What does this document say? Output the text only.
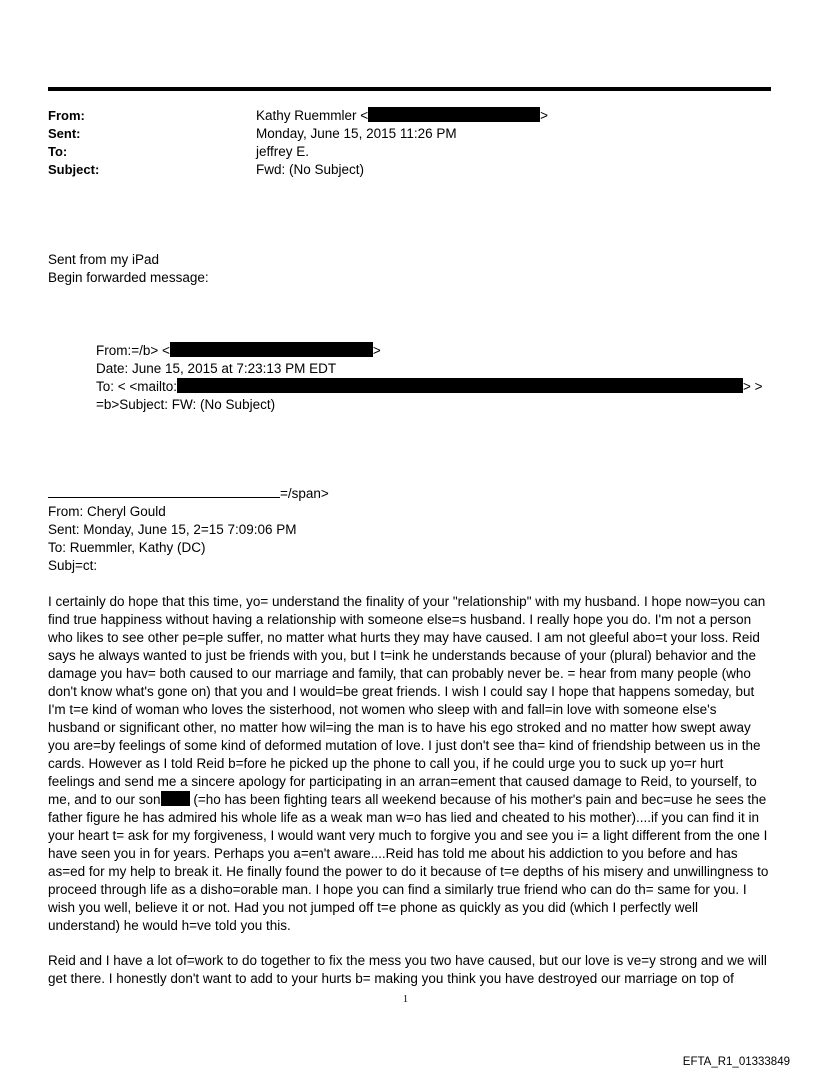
From:	Kathy Ruemmler <	>
Sent:	Monday, June 15, 2015 11:26 PM
To:	jeffrey E.
Subject:	Fwd: (No Subject)
Sent from my iPad
Begin forwarded message:
From:=/b> <	>
Date: June 15, 2015 at 7:23:13 PM EDT
To: < <mailto:	> >
=b>Subject: FW: (No Subject)
=/span>
From: Cheryl Gould
Sent: Monday, June 15, 2=15 7:09:06 PM
To: Ruemmler, Kathy (DC)
Subj=ct:
I certainly do hope that this time, yo= understand the finality of your "relationship" with my husband. I hope now=you can find true happiness without having a relationship with someone else=s husband. I really hope you do. I'm not a person who likes to see other pe=ple suffer, no matter what hurts they may have caused. I am not gleeful abo=t your loss. Reid says he always wanted to just be friends with you, but I t=ink he understands because of your (plural) behavior and the damage you hav= both caused to our marriage and family, that can probably never be. = hear from many people (who don't know what's gone on) that you and I would=be great friends. I wish I could say I hope that happens someday, but I'm t=e kind of woman who loves the sisterhood, not women who sleep with and fall=in love with someone else's husband or significant other, no matter how wil=ing the man is to have his ego stroked and no matter how swept away you are=by feelings of some kind of deformed mutation of love. I just don't see tha= kind of friendship between us in the cards. However as I told Reid b=fore he picked up the phone to call you, if he could urge you to suck up yo=r hurt feelings and send me a sincere apology for participating in an arran=ement that caused damage to Reid, to yourself, to me, and to our son (=ho has been fighting tears all weekend because of his mother's pain and bec=use he sees the father figure he has admired his whole life as a weak man w=o has lied and cheated to his mother)....if you can find it in your heart t= ask for my forgiveness, I would want very much to forgive you and see you i= a light different from the one I have seen you in for years. Perhaps you a=en't aware....Reid has told me about his addiction to you before and has as=ed for my help to break it. He finally found the power to do it because of t=e depths of his misery and unwillingness to proceed through life as a disho=orable man. I hope you can find a similarly true friend who can do th= same for you. I wish you well, believe it or not. Had you not jumped off t=e phone as quickly as you did (which I perfectly well understand) he would h=ve told you this.
Reid and I have a lot of=work to do together to fix the mess you two have caused, but our love is ve=y strong and we will get there. I honestly don't want to add to your hurts b= making you think you have destroyed our marriage on top of
1
EFTA_R1_01333849
